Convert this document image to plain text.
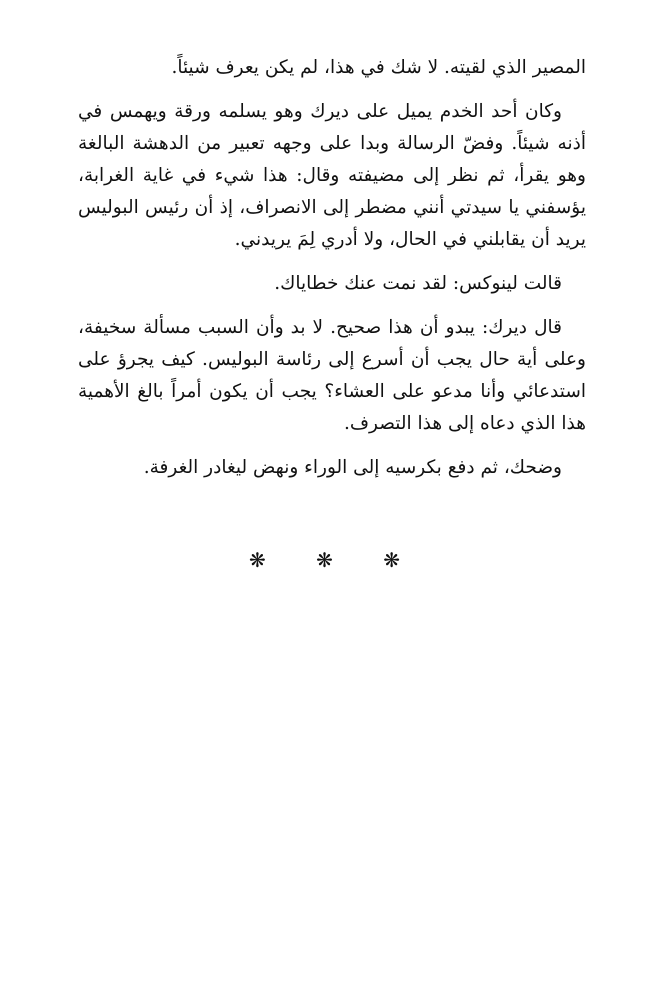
المصير الذي لقيته. لا شك في هذا، لم يكن يعرف شيئاً.

وكان أحد الخدم يميل على ديرك وهو يسلمه ورقة ويهمس في أذنه شيئاً. وفضّ الرسالة وبدا على وجهه تعبير من الدهشة البالغة وهو يقرأ، ثم نظر إلى مضيفته وقال: هذا شيء في غاية الغرابة، يؤسفني يا سيدتي أنني مضطر إلى الانصراف، إذ أن رئيس البوليس يريد أن يقابلني في الحال، ولا أدري لِمَ يريدني.

قالت لينوكس: لقد نمت عنك خطاياك.

قال ديرك: يبدو أن هذا صحيح. لا بد وأن السبب مسألة سخيفة، وعلى أية حال يجب أن أسرع إلى رئاسة البوليس. كيف يجرؤ على استدعائي وأنا مدعو على العشاء؟ يجب أن يكون أمراً بالغ الأهمية هذا الذي دعاه إلى هذا التصرف.

وضحك، ثم دفع بكرسيه إلى الوراء ونهض ليغادر الغرفة.

❋ ❋ ❋
